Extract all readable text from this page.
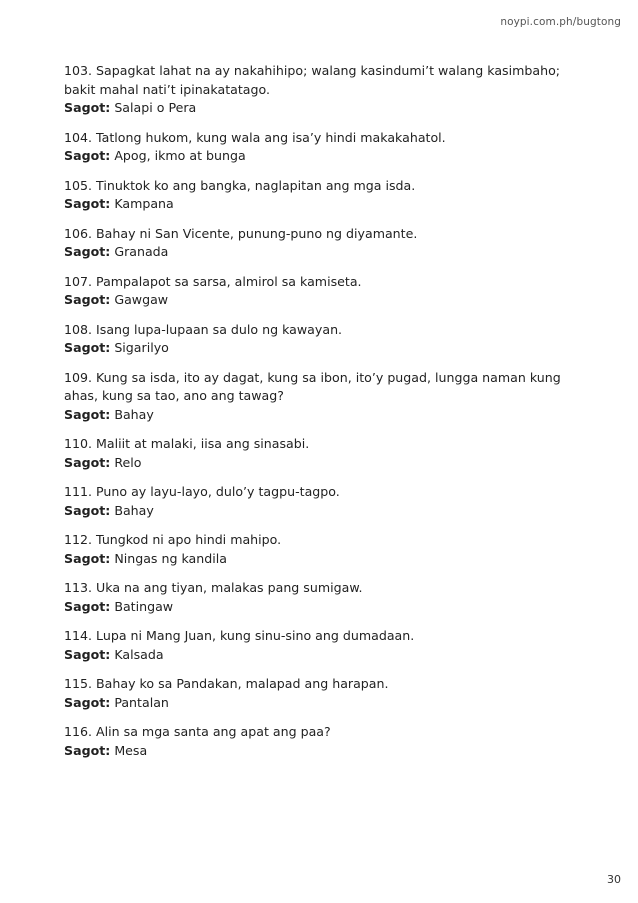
noypi.com.ph/bugtong
103. Sapagkat lahat na ay nakahihipo; walang kasindumi’t walang kasimbaho; bakit mahal nati’t ipinakatatago.
Sagot: Salapi o Pera
104. Tatlong hukom, kung wala ang isa’y hindi makakahatol.
Sagot: Apog, ikmo at bunga
105. Tinuktok ko ang bangka, naglapitan ang mga isda.
Sagot: Kampana
106. Bahay ni San Vicente, punung-puno ng diyamante.
Sagot: Granada
107. Pampalapot sa sarsa, almirol sa kamiseta.
Sagot: Gawgaw
108. Isang lupa-lupaan sa dulo ng kawayan.
Sagot: Sigarilyo
109. Kung sa isda, ito ay dagat, kung sa ibon, ito’y pugad, lungga naman kung ahas, kung sa tao, ano ang tawag?
Sagot: Bahay
110. Maliit at malaki, iisa ang sinasabi.
Sagot: Relo
111. Puno ay layu-layo, dulo’y tagpu-tagpo.
Sagot: Bahay
112. Tungkod ni apo hindi mahipo.
Sagot: Ningas ng kandila
113. Uka na ang tiyan, malakas pang sumigaw.
Sagot: Batingaw
114. Lupa ni Mang Juan, kung sinu-sino ang dumadaan.
Sagot: Kalsada
115. Bahay ko sa Pandakan, malapad ang harapan.
Sagot: Pantalan
116. Alin sa mga santa ang apat ang paa?
Sagot: Mesa
30
